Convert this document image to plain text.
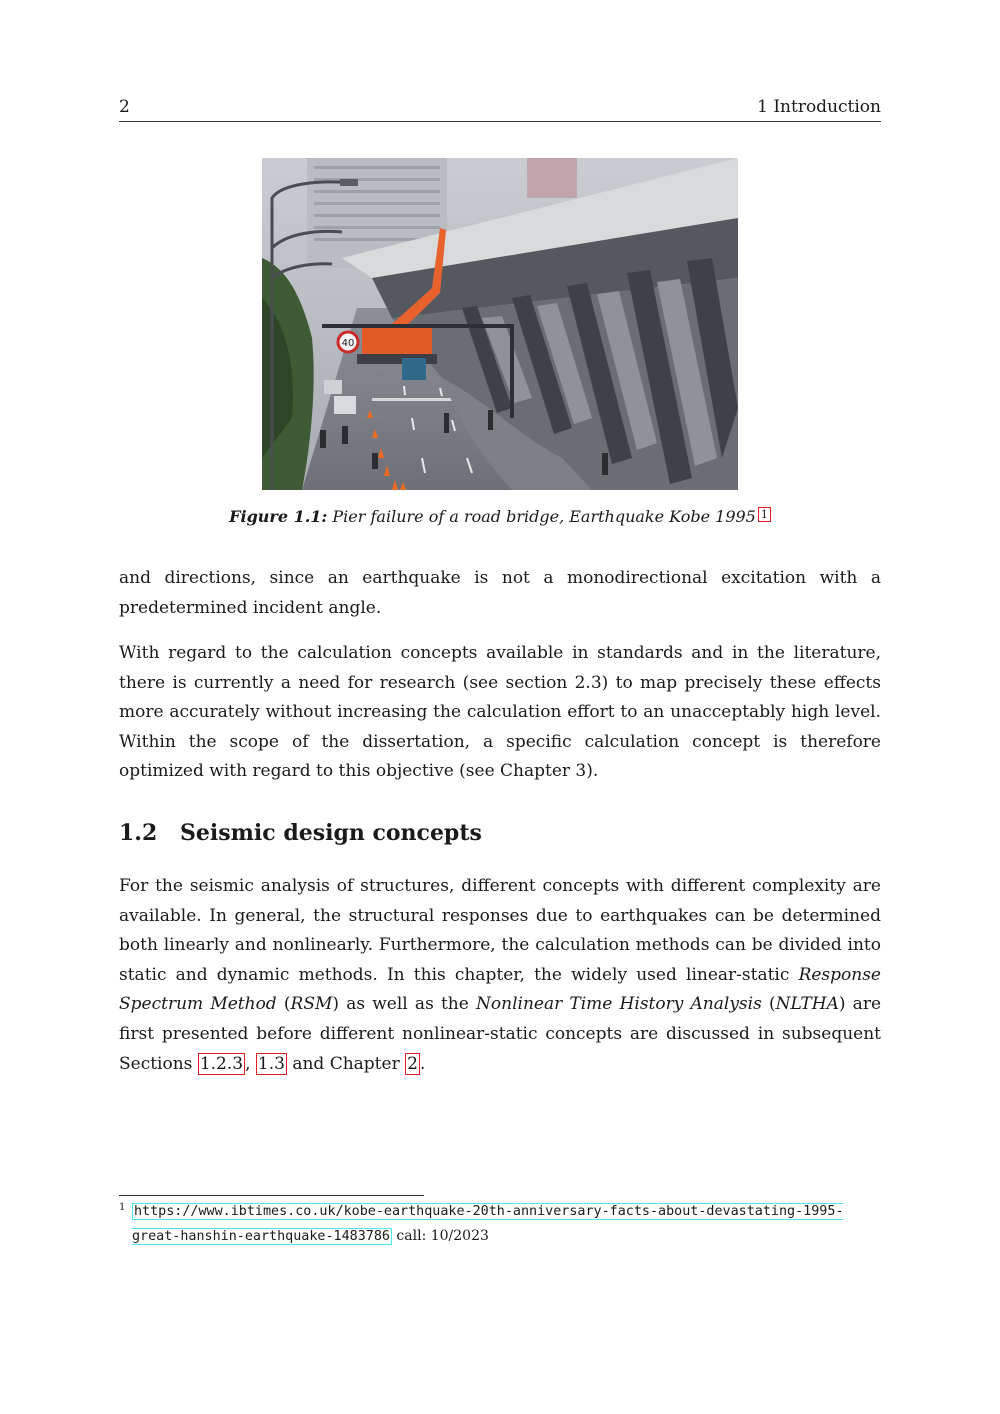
2	1 Introduction
40
Figure 1.1: Pier failure of a road bridge, Earthquake Kobe 1995 1

and directions, since an earthquake is not a monodirectional excitation with a predetermined incident angle.

With regard to the calculation concepts available in standards and in the literature, there is currently a need for research (see section 2.3) to map precisely these effects more accurately without increasing the calculation effort to an unacceptably high level. Within the scope of the dissertation, a specific calculation concept is therefore optimized with regard to this objective (see Chapter 3).

1.2 Seismic design concepts

For the seismic analysis of structures, different concepts with different complexity are available. In general, the structural responses due to earthquakes can be determined both linearly and nonlinearly. Furthermore, the calculation methods can be divided into static and dynamic methods. In this chapter, the widely used linear-static Response Spectrum Method (RSM) as well as the Nonlinear Time History Analysis (NLTHA) are first presented before different nonlinear-static concepts are discussed in subsequent Sections 1.2.3 , 1.3 and Chapter 2 .

1 https://www.ibtimes.co.uk/kobe-earthquake-20th-anniversary-facts-about-devastating-1995-great-hanshin-earthquake-1483786 call: 10/2023
